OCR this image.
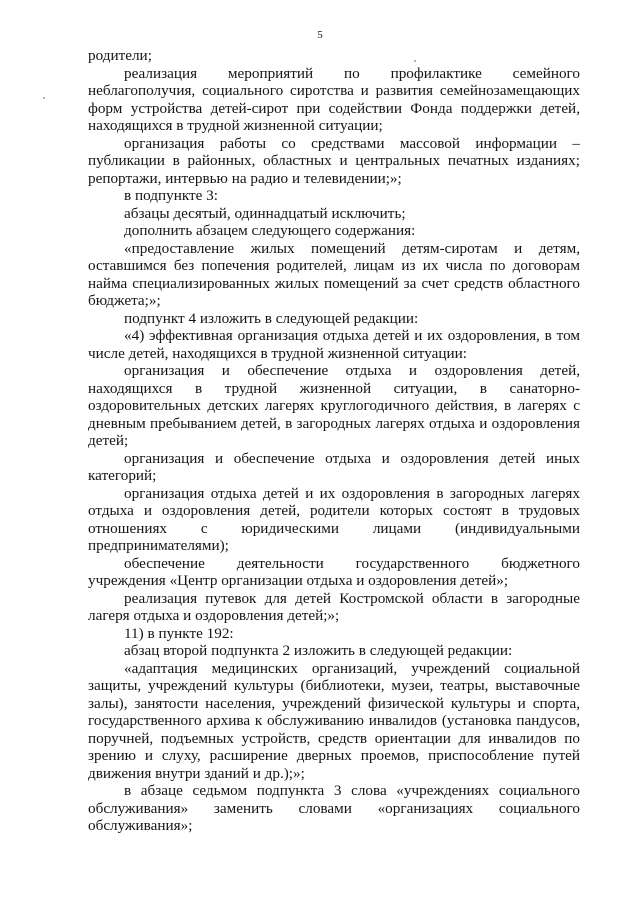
5
родители;
реализация мероприятий по профилактике семейного
неблагополучия, социального сиротства и развития семейнозамещающих
форм устройства детей-сирот при содействии Фонда поддержки детей,
находящихся в трудной жизненной ситуации;
организация работы со средствами массовой информации –
публикации в районных, областных и центральных печатных изданиях;
репортажи, интервью на радио и телевидении;»;
в подпункте 3:
абзацы десятый, одиннадцатый исключить;
дополнить абзацем следующего содержания:
«предоставление жилых помещений детям-сиротам и детям,
оставшимся без попечения родителей, лицам из их числа по договорам
найма специализированных жилых помещений за счет средств областного
бюджета;»;
подпункт 4 изложить в следующей редакции:
«4) эффективная организация отдыха детей и их оздоровления, в том
числе детей, находящихся в трудной жизненной ситуации:
организация и обеспечение отдыха и оздоровления детей,
находящихся в трудной жизненной ситуации, в санаторно-
оздоровительных детских лагерях круглогодичного действия, в лагерях с
дневным пребыванием детей, в загородных лагерях отдыха и оздоровления
детей;
организация и обеспечение отдыха и оздоровления детей иных
категорий;
организация отдыха детей и их оздоровления в загородных лагерях
отдыха и оздоровления детей, родители которых состоят в трудовых
отношениях с юридическими лицами (индивидуальными
предпринимателями);
обеспечение деятельности государственного бюджетного
учреждения «Центр организации отдыха и оздоровления детей»;
реализация путевок для детей Костромской области в загородные
лагеря отдыха и оздоровления детей;»;
11) в пункте 192:
абзац второй подпункта 2 изложить в следующей редакции:
«адаптация медицинских организаций, учреждений социальной
защиты, учреждений культуры (библиотеки, музеи, театры, выставочные
залы), занятости населения, учреждений физической культуры и спорта,
государственного архива к обслуживанию инвалидов (установка пандусов,
поручней, подъемных устройств, средств ориентации для инвалидов по
зрению и слуху, расширение дверных проемов, приспособление путей
движения внутри зданий и др.);»;
в абзаце седьмом подпункта 3 слова «учреждениях социального
обслуживания» заменить словами «организациях социального
обслуживания»;
